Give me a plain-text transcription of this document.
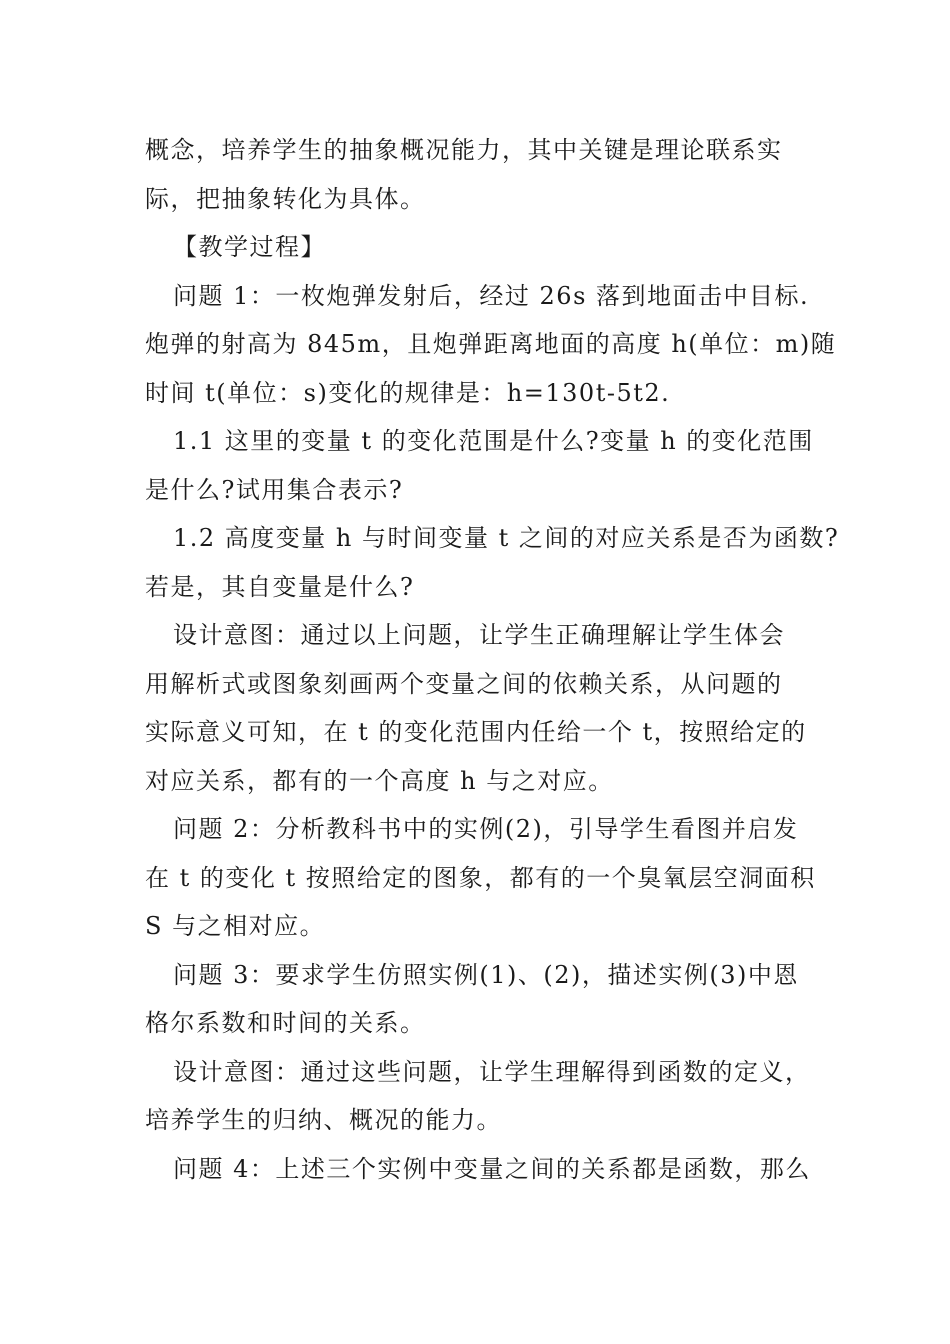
概念，培养学生的抽象概况能力，其中关键是理论联系实
际，把抽象转化为具体。
【教学过程】
问题 1：一枚炮弹发射后，经过 26s 落到地面击中目标.
炮弹的射高为 845m，且炮弹距离地面的高度 h(单位：m)随
时间 t(单位：s)变化的规律是：h=130t-5t2.
1.1 这里的变量 t 的变化范围是什么?变量 h 的变化范围
是什么?试用集合表示?
1.2 高度变量 h 与时间变量 t 之间的对应关系是否为函数?
若是，其自变量是什么?
设计意图：通过以上问题，让学生正确理解让学生体会
用解析式或图象刻画两个变量之间的依赖关系，从问题的
实际意义可知，在 t 的变化范围内任给一个 t，按照给定的
对应关系，都有的一个高度 h 与之对应。
问题 2：分析教科书中的实例(2)，引导学生看图并启发
在 t 的变化 t 按照给定的图象，都有的一个臭氧层空洞面积
S 与之相对应。
问题 3：要求学生仿照实例(1)、(2)，描述实例(3)中恩
格尔系数和时间的关系。
设计意图：通过这些问题，让学生理解得到函数的定义，
培养学生的归纳、概况的能力。
问题 4：上述三个实例中变量之间的关系都是函数，那么
